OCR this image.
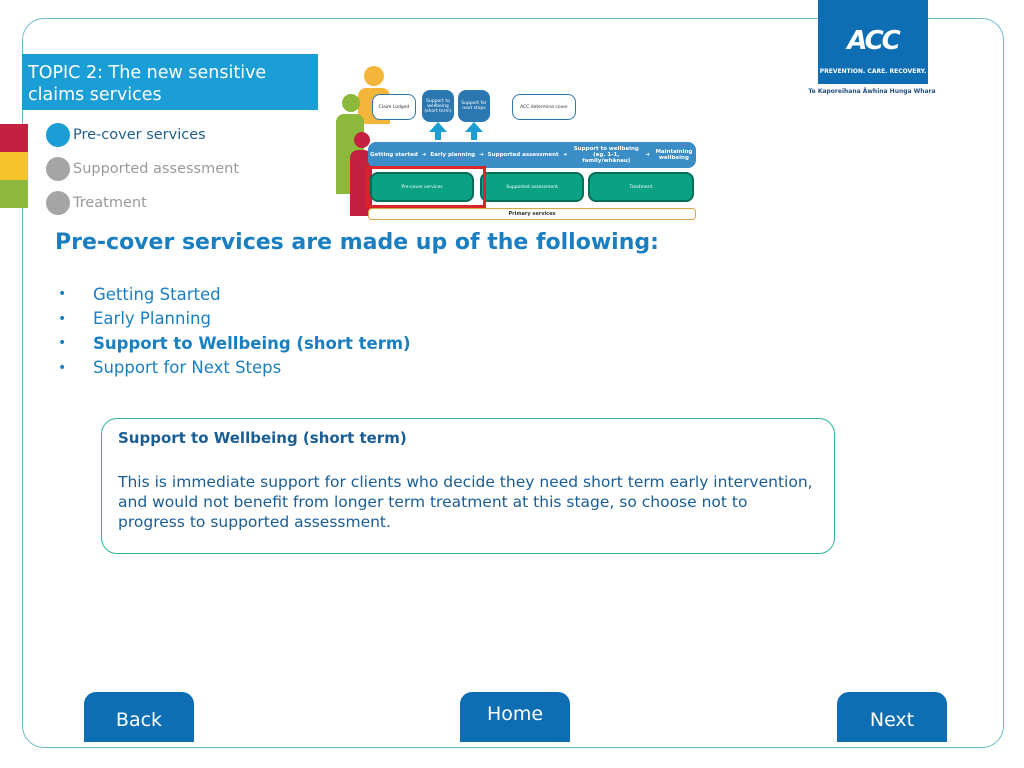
TOPIC 2: The new sensitive claims services
Pre-cover services
Supported assessment
Treatment
ACC
PREVENTION. CARE. RECOVERY.
Te Kaporeihana Āwhina Hunga Whara
Claim Lodged
Support to wellbeing (short term)
Support for next steps	ACC determine cover
Getting started ➜ Early planning ➜ Supported assessment ➜
Support to wellbeing (eg. 1-1, family/whānau)
➜ Maintaining wellbeing
Pre-cover services	Supported assessment	Treatment
Primary services
Pre-cover services are made up of the following:
•	Getting Started
•	Early Planning
•	Support to Wellbeing (short term)
•	Support for Next Steps
Support to Wellbeing (short term)
This is immediate support for clients who decide they need short term early intervention, and would not benefit from longer term treatment at this stage, so choose not to progress to supported assessment.
Back	Home	Next
